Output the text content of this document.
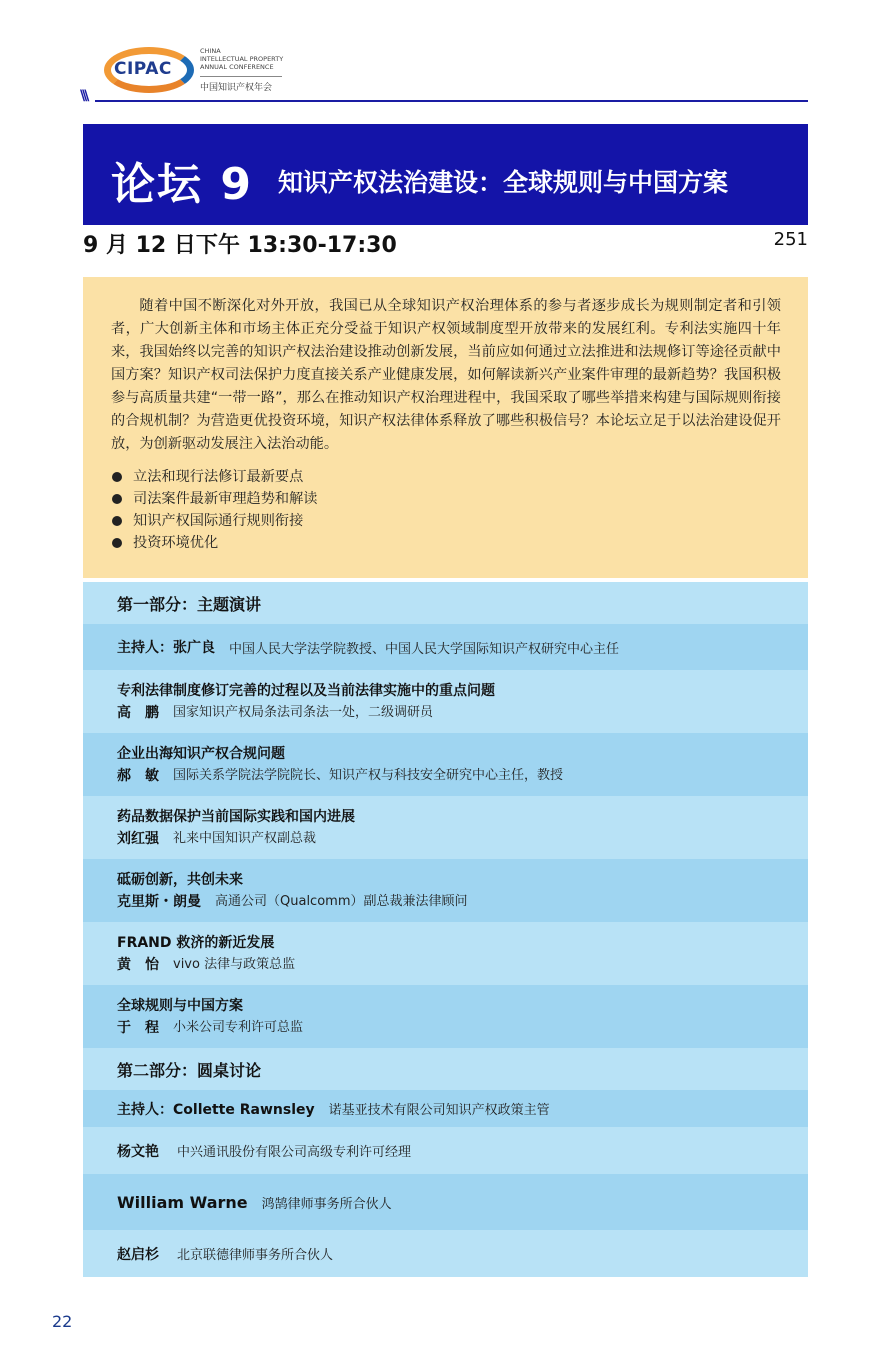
CIPAC
CHINA
INTELLECTUAL PROPERTY
ANNUAL CONFERENCE
中国知识产权年会
\\\
论坛 9 知识产权法治建设：全球规则与中国方案
9 月 12 日下午 13:30-17:30	251

随着中国不断深化对外开放，我国已从全球知识产权治理体系的参与者逐步成长为规则制定者和引领者，广大创新主体和市场主体正充分受益于知识产权领域制度型开放带来的发展红利。专利法实施四十年来，我国始终以完善的知识产权法治建设推动创新发展，当前应如何通过立法推进和法规修订等途径贡献中国方案？知识产权司法保护力度直接关系产业健康发展，如何解读新兴产业案件审理的最新趋势？我国积极参与高质量共建“一带一路”，那么在推动知识产权治理进程中，我国采取了哪些举措来构建与国际规则衔接的合规机制？为营造更优投资环境，知识产权法律体系释放了哪些积极信号？本论坛立足于以法治建设促开放，为创新驱动发展注入法治动能。

立法和现行法修订最新要点
司法案件最新审理趋势和解读
知识产权国际通行规则衔接
投资环境优化
第一部分：主题演讲
主持人：张广良 中国人民大学法学院教授、中国人民大学国际知识产权研究中心主任
专利法律制度修订完善的过程以及当前法律实施中的重点问题
高　鹏 国家知识产权局条法司条法一处，二级调研员
企业出海知识产权合规问题
郝　敏 国际关系学院法学院院长、知识产权与科技安全研究中心主任，教授
药品数据保护当前国际实践和国内进展
刘红强 礼来中国知识产权副总裁
砥砺创新，共创未来
克里斯・朗曼 高通公司（Qualcomm）副总裁兼法律顾问
FRAND 救济的新近发展
黄　怡 vivo 法律与政策总监
全球规则与中国方案
于　程 小米公司专利许可总监
第二部分：圆桌讨论
主持人：Collette Rawnsley 诺基亚技术有限公司知识产权政策主管
杨文艳 中兴通讯股份有限公司高级专利许可经理
William Warne 鸿鹄律师事务所合伙人
赵启杉 北京联德律师事务所合伙人
22
